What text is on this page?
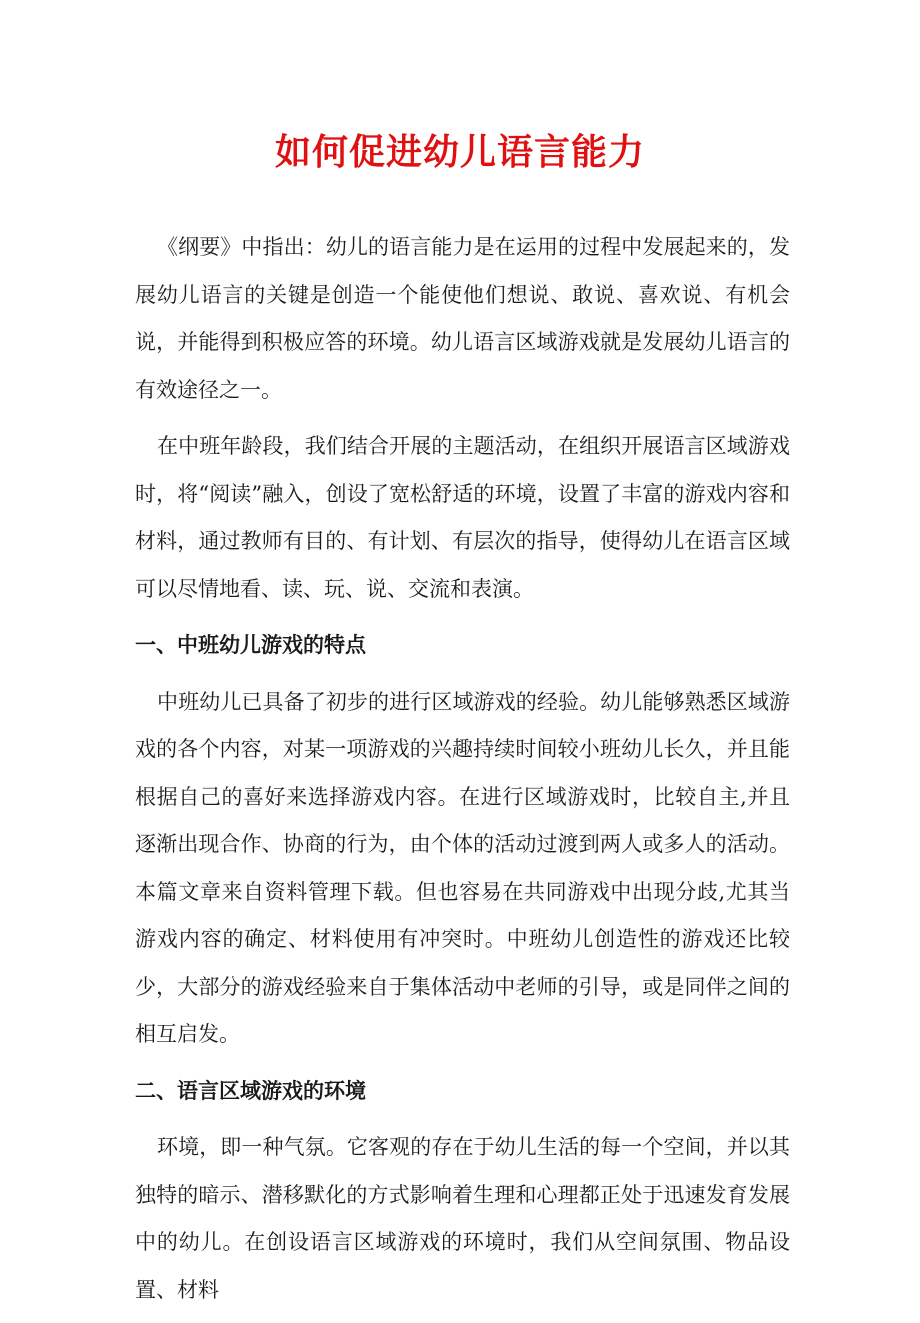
如何促进幼儿语言能力

《纲要》中指出：幼儿的语言能力是在运用的过程中发展起来的，发展幼儿语言的关键是创造一个能使他们想说、敢说、喜欢说、有机会说，并能得到积极应答的环境。幼儿语言区域游戏就是发展幼儿语言的有效途径之一。

在中班年龄段，我们结合开展的主题活动，在组织开展语言区域游戏时，将“阅读”融入，创设了宽松舒适的环境，设置了丰富的游戏内容和材料，通过教师有目的、有计划、有层次的指导，使得幼儿在语言区域可以尽情地看、读、玩、说、交流和表演。

一、中班幼儿游戏的特点

中班幼儿已具备了初步的进行区域游戏的经验。幼儿能够熟悉区域游戏的各个内容，对某一项游戏的兴趣持续时间较小班幼儿长久，并且能根据自己的喜好来选择游戏内容。在进行区域游戏时，比较自主,并且逐渐出现合作、协商的行为，由个体的活动过渡到两人或多人的活动。本篇文章来自资料管理下载。但也容易在共同游戏中出现分歧,尤其当游戏内容的确定、材料使用有冲突时。中班幼儿创造性的游戏还比较少，大部分的游戏经验来自于集体活动中老师的引导，或是同伴之间的相互启发。

二、语言区域游戏的环境

环境，即一种气氛。它客观的存在于幼儿生活的每一个空间，并以其独特的暗示、潜移默化的方式影响着生理和心理都正处于迅速发育发展中的幼儿。在创设语言区域游戏的环境时，我们从空间氛围、物品设置、材料
